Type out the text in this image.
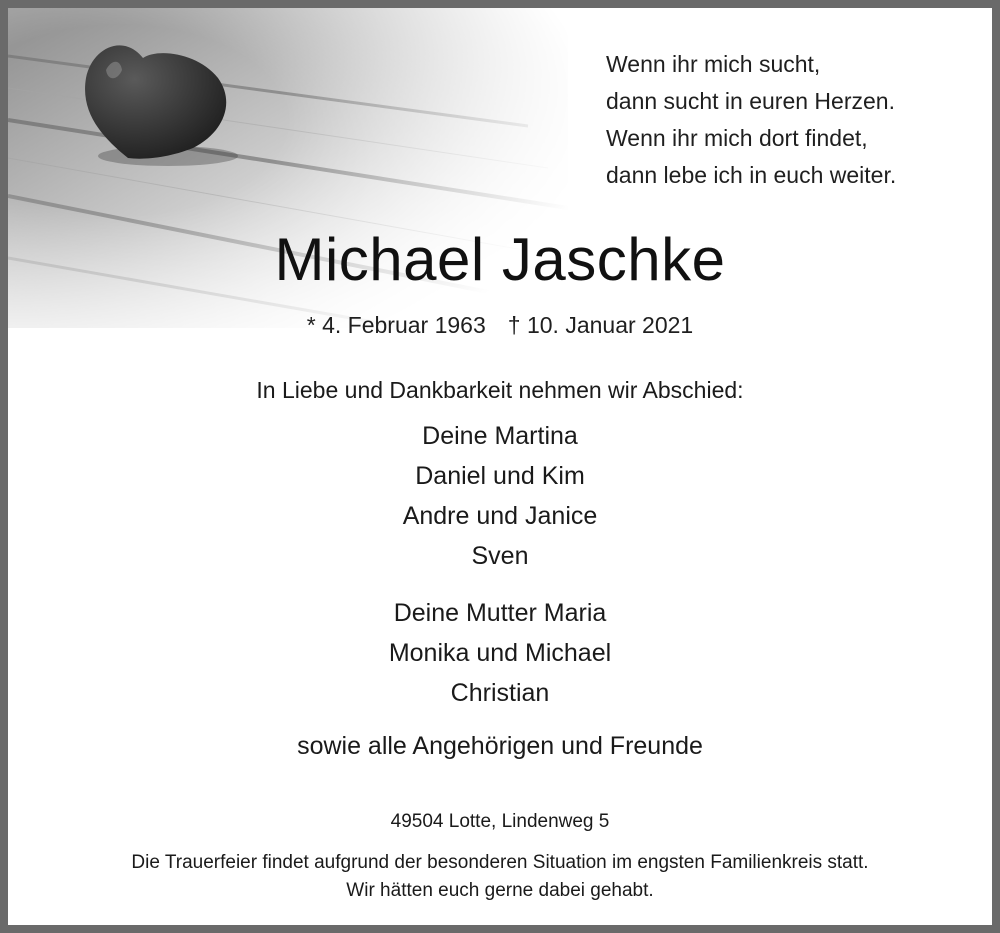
Wenn ihr mich sucht,
dann sucht in euren Herzen.
Wenn ihr mich dort findet,
dann lebe ich in euch weiter.
Michael Jaschke
* 4. Februar 1963 † 10. Januar 2021
In Liebe und Dankbarkeit nehmen wir Abschied:
Deine Martina
Daniel und Kim
Andre und Janice
Sven
Deine Mutter Maria
Monika und Michael
Christian
sowie alle Angehörigen und Freunde
49504 Lotte, Lindenweg 5
Die Trauerfeier findet aufgrund der besonderen Situation im engsten Familienkreis statt.
Wir hätten euch gerne dabei gehabt.
